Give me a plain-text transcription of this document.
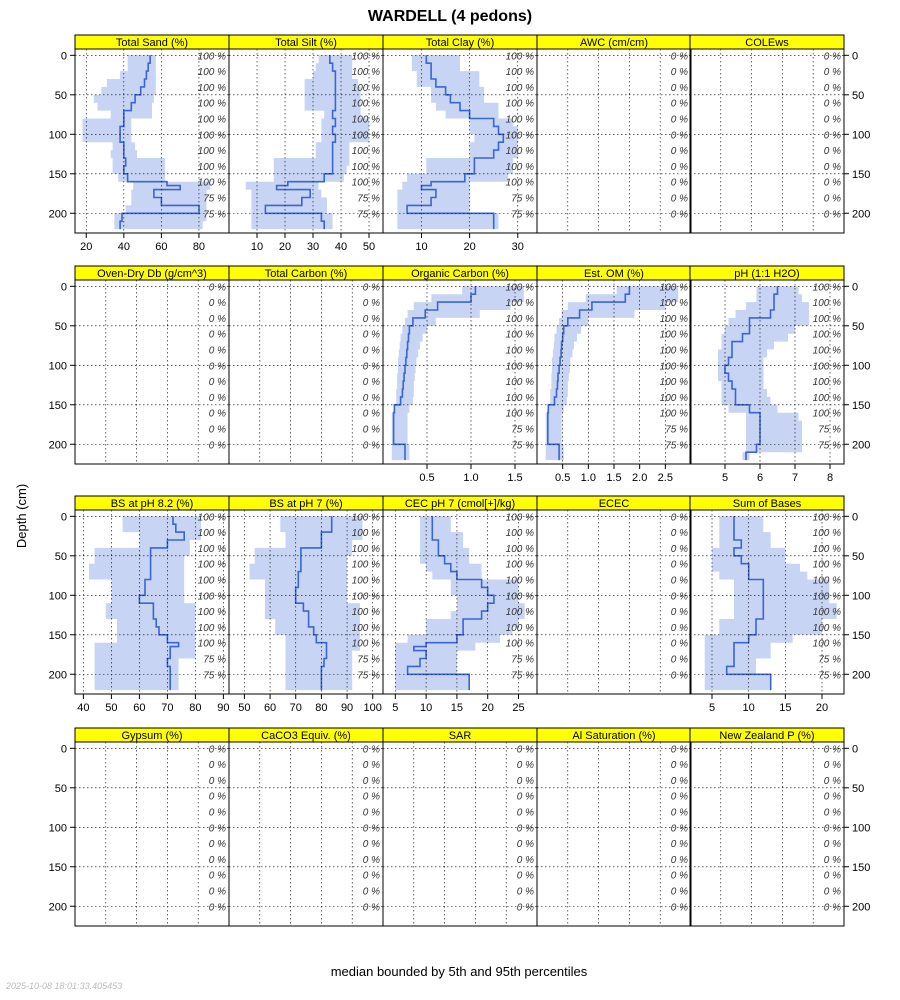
WARDELL (4 pedons)
Depth (cm)
median bounded by 5th and 95th percentiles
2025-10-08 18:01:33.405453
Total Sand (%)
100 %
100 %
100 %
100 %
100 %
100 %
100 %
100 %
100 %
75 %
75 %
20 40 60 80
0
50
100
150
200
Total Silt (%)
100 %
100 %
100 %
100 %
100 %
100 %
100 %
100 %
100 %
75 %
75 %
10 20 30 40 50
Total Clay (%)
100 %
100 %
100 %
100 %
100 %
100 %
100 %
100 %
100 %
75 %
75 %
10	20	30
AWC (cm/cm)
0 %
0 %
0 %
0 %
0 %
0 %
0 %
0 %
0 %
0 %
0 %
COLEws
0 %
0 %
0 %
0 %
0 %
0 %
0 %
0 %
0 %
0 %
0 %
0
50
100
150
200
Oven-Dry Db (g/cm^3)
0 %
0 %
0 %
0 %
0 %
0 %
0 %
0 %
0 %
0 %
0 %
0
50
100
150
200
Total Carbon (%)
0 %
0 %
0 %
0 %
0 %
0 %
0 %
0 %
0 %
0 %
0 %
Organic Carbon (%)
100 %
100 %
100 %
100 %
100 %
100 %
100 %
100 %
100 %
75 %
75 %
0.5	1.0	1.5
Est. OM (%)
100 %
100 %
100 %
100 %
100 %
100 %
100 %
100 %
100 %
75 %
75 %
0.5 1.0 1.5 2.0 2.5
pH (1:1 H2O)
100 %
100 %
100 %
100 %
100 %
100 %
100 %
100 %
100 %
75 %
75 %
5	6	7	8
0
50
100
150
200
BS at pH 8.2 (%)
100 %
100 %
100 %
100 %
100 %
100 %
100 %
100 %
100 %
75 %
75 %
40 50 60 70 80 90
0
50
100
150
200
BS at pH 7 (%)
100 %
100 %
100 %
100 %
100 %
100 %
100 %
100 %
100 %
75 %
75 %
50 60 70 80 90 100
CEC pH 7 (cmol[+]/kg)
100 %
100 %
100 %
100 %
100 %
100 %
100 %
100 %
100 %
75 %
75 %
5 10 15 20 25
ECEC
0 %
0 %
0 %
0 %
0 %
0 %
0 %
0 %
0 %
0 %
0 %
Sum of Bases
100 %
100 %
100 %
100 %
100 %
100 %
100 %
100 %
100 %
75 %
75 %
5 10 15 20
0
50
100
150
200
Gypsum (%)
0 %
0 %
0 %
0 %
0 %
0 %
0 %
0 %
0 %
0 %
0 %
0
50
100
150
200
CaCO3 Equiv. (%)
0 %
0 %
0 %
0 %
0 %
0 %
0 %
0 %
0 %
0 %
0 %
SAR
0 %
0 %
0 %
0 %
0 %
0 %
0 %
0 %
0 %
0 %
0 %
Al Saturation (%)
0 %
0 %
0 %
0 %
0 %
0 %
0 %
0 %
0 %
0 %
0 %
New Zealand P (%)
0 %
0 %
0 %
0 %
0 %
0 %
0 %
0 %
0 %
0 %
0 %
0
50
100
150
200
